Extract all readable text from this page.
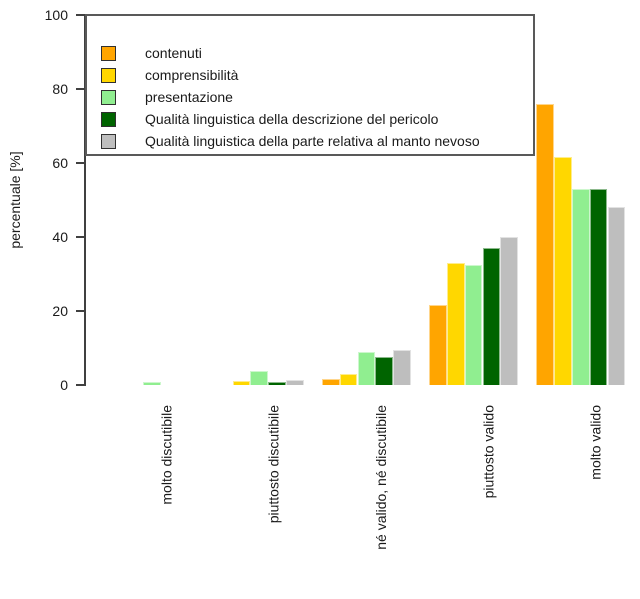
percentuale [%]
0
20
40
60
80
100
molto discutibile	piuttosto discutibile	né valido, né discutibile	piuttosto valido	molto valido
contenuti
comprensibilità
presentazione
Qualità linguistica della descrizione del pericolo
Qualità linguistica della parte relativa al manto nevoso
